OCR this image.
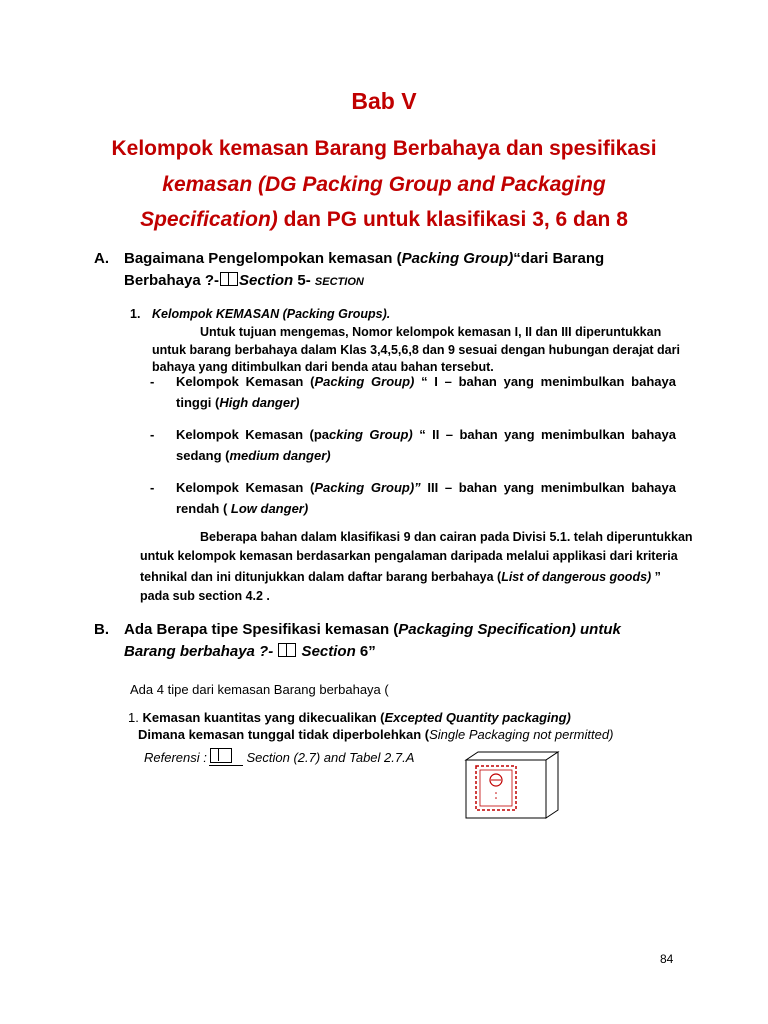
Bab V
Kelompok kemasan Barang Berbahaya dan spesifikasi
kemasan (DG Packing Group and Packaging
Specification) dan PG untuk klasifikasi 3, 6 dan 8
A. Bagaimana Pengelompokan kemasan (Packing Group)“dari Barang
Berbahaya ?- Section 5- SECTION
1. Kelompok KEMASAN (Packing Groups).
Untuk tujuan mengemas, Nomor kelompok kemasan I, II dan III diperuntukkan
untuk barang berbahaya dalam Klas 3,4,5,6,8 dan 9 sesuai dengan hubungan derajat dari
bahaya yang ditimbulkan dari benda atau bahan tersebut.
- Kelompok Kemasan (Packing Group) “ I – bahan yang menimbulkan bahaya
tinggi (High danger)
- Kelompok Kemasan (packing Group) “ II – bahan yang menimbulkan bahaya
sedang (medium danger)
- Kelompok Kemasan (Packing Group)” III – bahan yang menimbulkan bahaya
rendah ( Low danger)
Beberapa bahan dalam klasifikasi 9 dan cairan pada Divisi 5.1. telah diperuntukkan
untuk kelompok kemasan berdasarkan pengalaman daripada melalui applikasi dari kriteria
tehnikal dan ini ditunjukkan dalam daftar barang berbahaya (List of dangerous goods) ”
pada sub section 4.2 .
B. Ada Berapa tipe Spesifikasi kemasan (Packaging Specification) untuk
Barang berbahaya ?-  Section 6”
Ada 4 tipe dari kemasan Barang berbahaya (
1. Kemasan kuantitas yang dikecualikan (Excepted Quantity packaging)
Dimana kemasan tunggal tidak diperbolehkan (Single Packaging not permitted)
Referensi :	Section (2.7) and Tabel 2.7.A
84
